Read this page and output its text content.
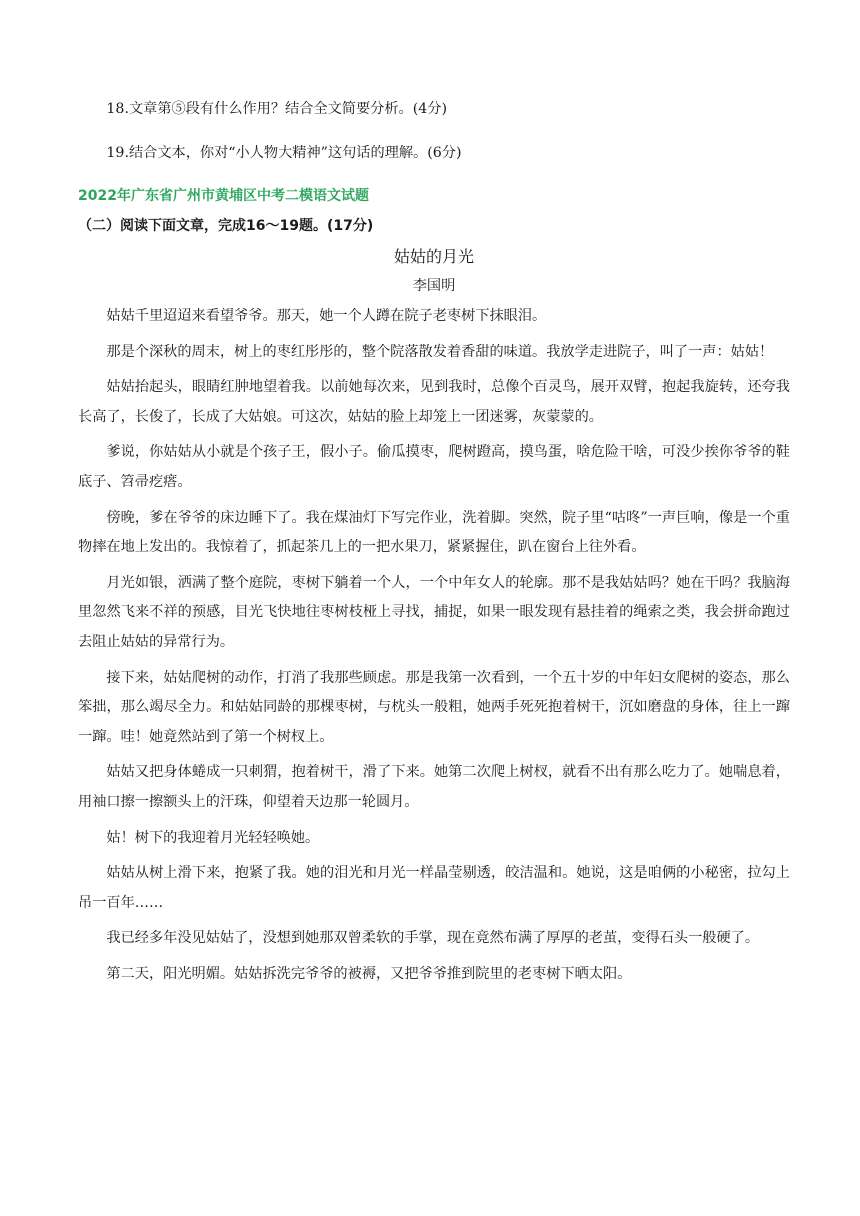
18.文章第⑤段有什么作用？结合全文简要分析。(4分)

19.结合文本，你对“小人物大精神”这句话的理解。(6分)

2022年广东省广州市黄埔区中考二模语文试题
（二）阅读下面文章，完成16～19题。(17分)
姑姑的月光
李国明

姑姑千里迢迢来看望爷爷。那天，她一个人蹲在院子老枣树下抹眼泪。

那是个深秋的周末，树上的枣红彤彤的，整个院落散发着香甜的味道。我放学走进院子，叫了一声：姑姑！

姑姑抬起头，眼睛红肿地望着我。以前她每次来，见到我时，总像个百灵鸟，展开双臂，抱起我旋转，还夸我长高了，长俊了，长成了大姑娘。可这次，姑姑的脸上却笼上一团迷雾，灰蒙蒙的。

爹说，你姑姑从小就是个孩子王，假小子。偷瓜摸枣，爬树蹬高，摸鸟蛋，啥危险干啥，可没少挨你爷爷的鞋底子、笤帚疙瘩。

傍晚，爹在爷爷的床边睡下了。我在煤油灯下写完作业，洗着脚。突然，院子里“咕咚”一声巨响，像是一个重物摔在地上发出的。我惊着了，抓起茶几上的一把水果刀，紧紧握住，趴在窗台上往外看。

月光如银，洒满了整个庭院，枣树下躺着一个人，一个中年女人的轮廓。那不是我姑姑吗？她在干吗？我脑海里忽然飞来不祥的预感，目光飞快地往枣树枝桠上寻找，捕捉，如果一眼发现有悬挂着的绳索之类，我会拼命跑过去阻止姑姑的异常行为。

接下来，姑姑爬树的动作，打消了我那些顾虑。那是我第一次看到，一个五十岁的中年妇女爬树的姿态，那么笨拙，那么竭尽全力。和姑姑同龄的那棵枣树，与枕头一般粗，她两手死死抱着树干，沉如磨盘的身体，往上一蹿一蹿。哇！她竟然站到了第一个树杈上。

姑姑又把身体蜷成一只刺猬，抱着树干，滑了下来。她第二次爬上树杈，就看不出有那么吃力了。她喘息着，用袖口擦一擦额头上的汗珠，仰望着天边那一轮圆月。

姑！树下的我迎着月光轻轻唤她。

姑姑从树上滑下来，抱紧了我。她的泪光和月光一样晶莹剔透，皎洁温和。她说，这是咱俩的小秘密，拉勾上吊一百年……

我已经多年没见姑姑了，没想到她那双曾柔软的手掌，现在竟然布满了厚厚的老茧，变得石头一般硬了。

第二天，阳光明媚。姑姑拆洗完爷爷的被褥，又把爷爷推到院里的老枣树下晒太阳。
